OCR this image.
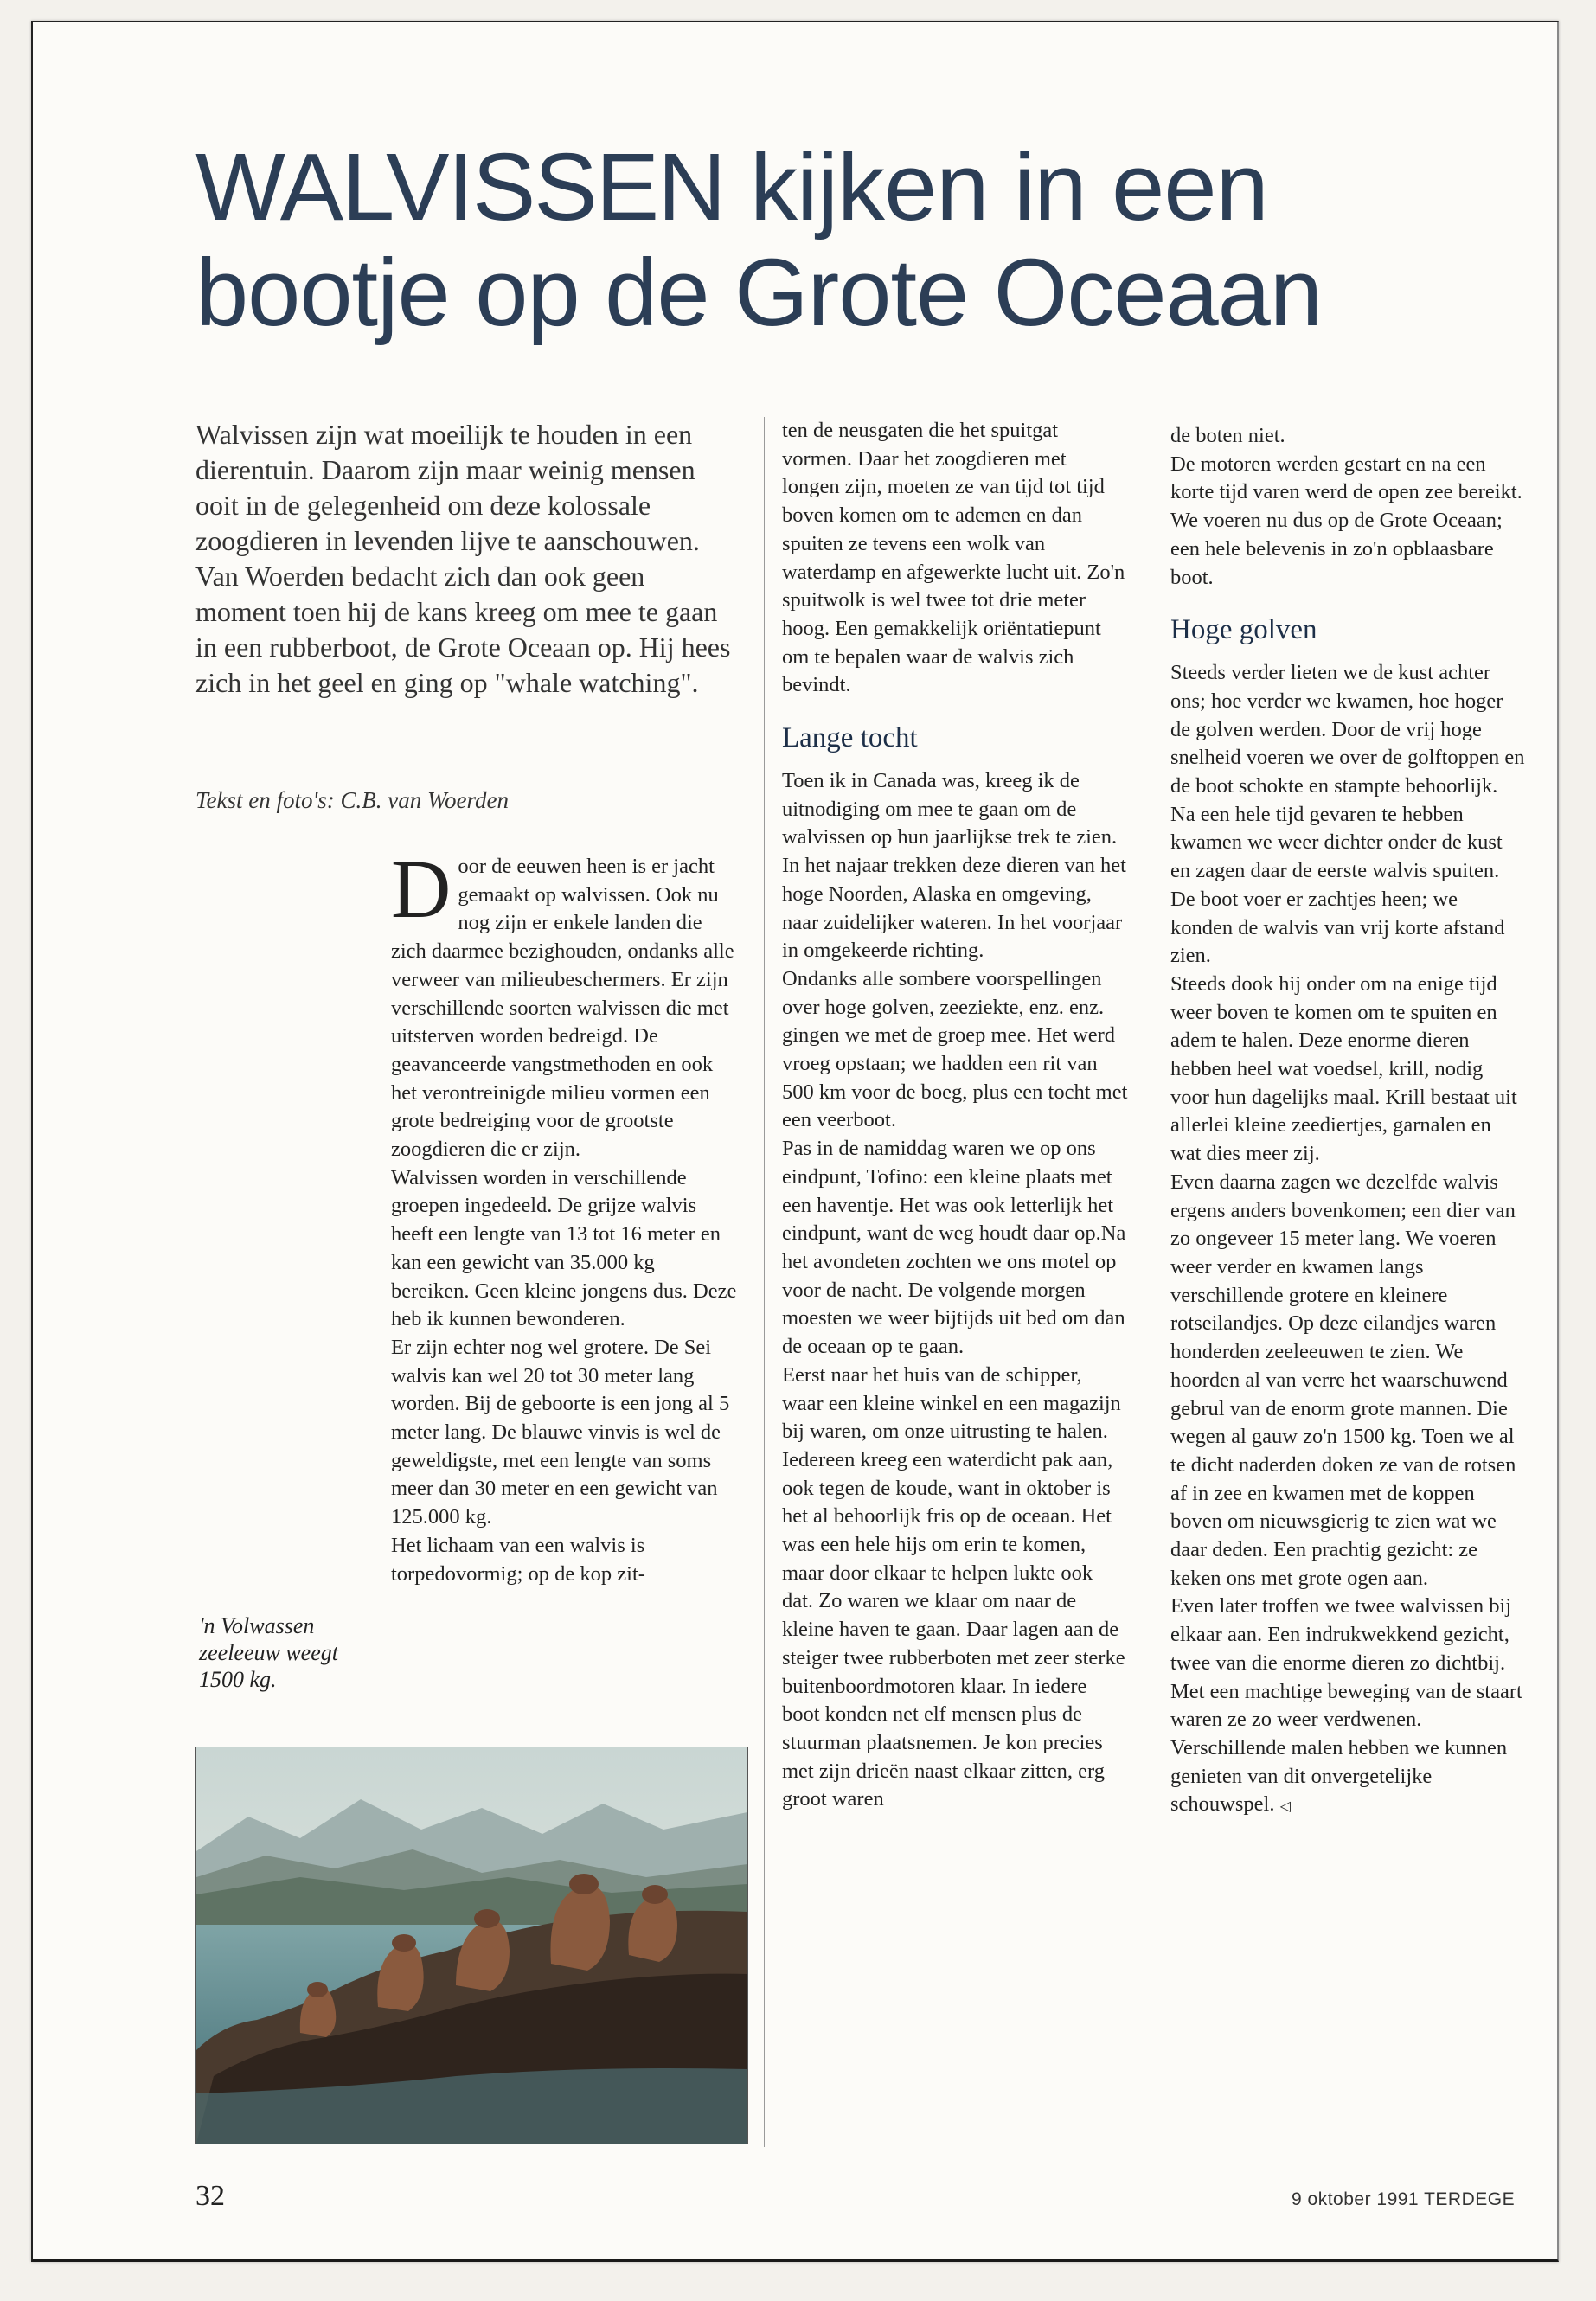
WALVISSEN kijken in een
bootje op de Grote Oceaan

Walvissen zijn wat moeilijk te houden in een dierentuin. Daarom zijn maar weinig mensen ooit in de gelegenheid om deze kolossale zoogdieren in levenden lijve te aanschouwen. Van Woerden bedacht zich dan ook geen moment toen hij de kans kreeg om mee te gaan in een rubberboot, de Grote Oceaan op. Hij hees zich in het geel en ging op "whale watching".

Tekst en foto's: C.B. van Woerden

Door de eeuwen heen is er jacht gemaakt op walvissen. Ook nu nog zijn er enkele landen die zich daarmee bezighouden, ondanks alle verweer van milieubeschermers. Er zijn verschillende soorten walvissen die met uitsterven worden bedreigd. De geavanceerde vangstmethoden en ook het verontreinigde milieu vormen een grote bedreiging voor de grootste zoogdieren die er zijn.

Walvissen worden in verschillende groepen ingedeeld. De grijze walvis heeft een lengte van 13 tot 16 meter en kan een gewicht van 35.000 kg bereiken. Geen kleine jongens dus. Deze heb ik kunnen bewonderen.

Er zijn echter nog wel grotere. De Sei walvis kan wel 20 tot 30 meter lang worden. Bij de geboorte is een jong al 5 meter lang. De blauwe vinvis is wel de geweldigste, met een lengte van soms meer dan 30 meter en een gewicht van 125.000 kg.

Het lichaam van een walvis is torpedovormig; op de kop zit-

ten de neusgaten die het spuitgat vormen. Daar het zoogdieren met longen zijn, moeten ze van tijd tot tijd boven komen om te ademen en dan spuiten ze tevens een wolk van waterdamp en afgewerkte lucht uit. Zo'n spuitwolk is wel twee tot drie meter hoog. Een gemakkelijk oriëntatiepunt om te bepalen waar de walvis zich bevindt.

Lange tocht

Toen ik in Canada was, kreeg ik de uitnodiging om mee te gaan om de walvissen op hun jaarlijkse trek te zien. In het najaar trekken deze dieren van het hoge Noorden, Alaska en omgeving, naar zuidelijker wateren. In het voorjaar in omgekeerde richting.

Ondanks alle sombere voorspellingen over hoge golven, zeeziekte, enz. enz. gingen we met de groep mee. Het werd vroeg opstaan; we hadden een rit van 500 km voor de boeg, plus een tocht met een veerboot.

Pas in de namiddag waren we op ons eindpunt, Tofino: een kleine plaats met een haventje. Het was ook letterlijk het eindpunt, want de weg houdt daar op.Na het avondeten zochten we ons motel op voor de nacht. De volgende morgen moesten we weer bijtijds uit bed om dan de oceaan op te gaan.

Eerst naar het huis van de schipper, waar een kleine winkel en een magazijn bij waren, om onze uitrusting te halen. Iedereen kreeg een waterdicht pak aan, ook tegen de koude, want in oktober is het al behoorlijk fris op de oceaan. Het was een hele hijs om erin te komen, maar door elkaar te helpen lukte ook dat. Zo waren we klaar om naar de kleine haven te gaan. Daar lagen aan de steiger twee rubberboten met zeer sterke buitenboordmotoren klaar. In iedere boot konden net elf mensen plus de stuurman plaatsnemen. Je kon precies met zijn drieën naast elkaar zitten, erg groot waren

de boten niet.

De motoren werden gestart en na een korte tijd varen werd de open zee bereikt. We voeren nu dus op de Grote Oceaan; een hele belevenis in zo'n opblaasbare boot.

Hoge golven

Steeds verder lieten we de kust achter ons; hoe verder we kwamen, hoe hoger de golven werden. Door de vrij hoge snelheid voeren we over de golftoppen en de boot schokte en stampte behoorlijk. Na een hele tijd gevaren te hebben kwamen we weer dichter onder de kust en zagen daar de eerste walvis spuiten. De boot voer er zachtjes heen; we konden de walvis van vrij korte afstand zien.

Steeds dook hij onder om na enige tijd weer boven te komen om te spuiten en adem te halen. Deze enorme dieren hebben heel wat voedsel, krill, nodig voor hun dagelijks maal. Krill bestaat uit allerlei kleine zeediertjes, garnalen en wat dies meer zij.

Even daarna zagen we dezelfde walvis ergens anders bovenkomen; een dier van zo ongeveer 15 meter lang. We voeren weer verder en kwamen langs verschillende grotere en kleinere rotseilandjes. Op deze eilandjes waren honderden zeeleeuwen te zien. We hoorden al van verre het waarschuwend gebrul van de enorm grote mannen. Die wegen al gauw zo'n 1500 kg. Toen we al te dicht naderden doken ze van de rotsen af in zee en kwamen met de koppen boven om nieuwsgierig te zien wat we daar deden. Een prachtig gezicht: ze keken ons met grote ogen aan.

Even later troffen we twee walvissen bij elkaar aan. Een indrukwekkend gezicht, twee van die enorme dieren zo dichtbij. Met een machtige beweging van de staart waren ze zo weer verdwenen. Verschillende malen hebben we kunnen genieten van dit onvergetelijke schouwspel. ◁

'n Volwassen zeeleeuw weegt 1500 kg.

32	9 oktober 1991 TERDEGE
